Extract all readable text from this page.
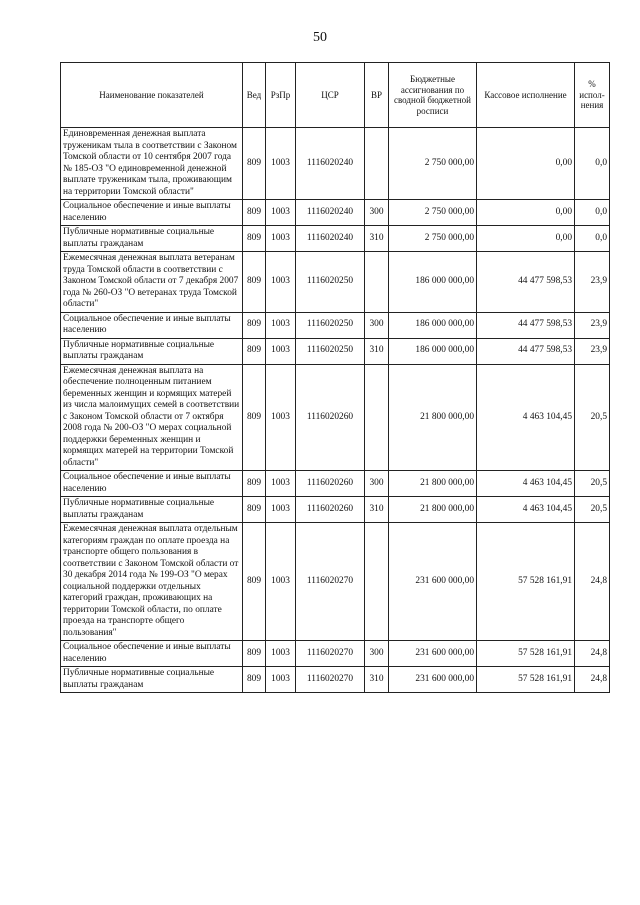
50
Наименование показателей	Вед	РзПр	ЦСР	ВР	Бюджетные ассигнования по сводной бюджетной росписи	Кассовое исполнение	% испол- нения
Единовременная денежная выплата труженикам тыла в соответствии с Законом Томской области от 10 сентября 2007 года № 185-ОЗ "О единовременной денежной выплате труженикам тыла, проживающим на территории Томской области"	809	1003	1116020240		2 750 000,00	0,00	0,0
Социальное обеспечение и иные выплаты населению	809	1003	1116020240	300	2 750 000,00	0,00	0,0
Публичные нормативные социальные выплаты гражданам	809	1003	1116020240	310	2 750 000,00	0,00	0,0
Ежемесячная денежная выплата ветеранам труда Томской области в соответствии с Законом Томской области от 7 декабря 2007 года № 260-ОЗ "О ветеранах труда Томской области"	809	1003	1116020250		186 000 000,00	44 477 598,53	23,9
Социальное обеспечение и иные выплаты населению	809	1003	1116020250	300	186 000 000,00	44 477 598,53	23,9
Публичные нормативные социальные выплаты гражданам	809	1003	1116020250	310	186 000 000,00	44 477 598,53	23,9
Ежемесячная денежная выплата на обеспечение полноценным питанием беременных женщин и кормящих матерей из числа малоимущих семей в соответствии с Законом Томской области от 7 октября 2008 года № 200-ОЗ "О мерах социальной поддержки беременных женщин и кормящих матерей на территории Томской области"	809	1003	1116020260		21 800 000,00	4 463 104,45	20,5
Социальное обеспечение и иные выплаты населению	809	1003	1116020260	300	21 800 000,00	4 463 104,45	20,5
Публичные нормативные социальные выплаты гражданам	809	1003	1116020260	310	21 800 000,00	4 463 104,45	20,5
Ежемесячная денежная выплата отдельным категориям граждан по оплате проезда на транспорте общего пользования в соответствии с Законом Томской области от 30 декабря 2014 года № 199-ОЗ "О мерах социальной поддержки отдельных категорий граждан, проживающих на территории Томской области, по оплате проезда на транспорте общего пользования"	809	1003	1116020270		231 600 000,00	57 528 161,91	24,8
Социальное обеспечение и иные выплаты населению	809	1003	1116020270	300	231 600 000,00	57 528 161,91	24,8
Публичные нормативные социальные выплаты гражданам	809	1003	1116020270	310	231 600 000,00	57 528 161,91	24,8
